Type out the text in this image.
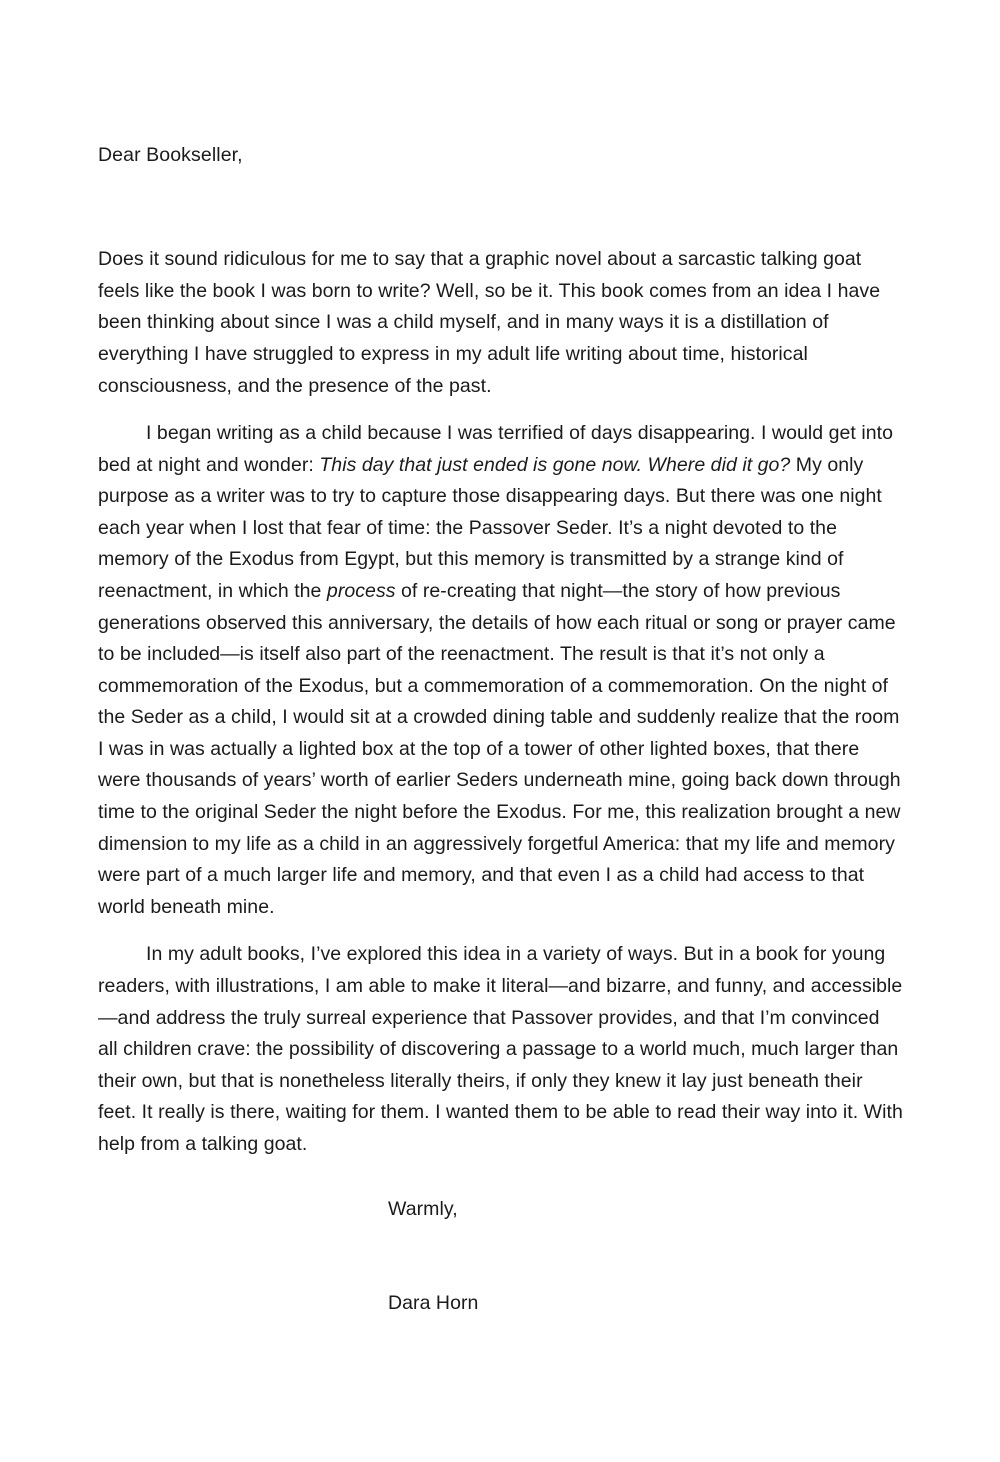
Dear Bookseller,

Does it sound ridiculous for me to say that a graphic novel about a sarcastic talking goat feels like the book I was born to write? Well, so be it. This book comes from an idea I have been thinking about since I was a child myself, and in many ways it is a distillation of everything I have struggled to express in my adult life writing about time, historical consciousness, and the presence of the past.

I began writing as a child because I was terrified of days disappearing. I would get into bed at night and wonder: This day that just ended is gone now. Where did it go? My only purpose as a writer was to try to capture those disappearing days. But there was one night each year when I lost that fear of time: the Passover Seder. It’s a night devoted to the memory of the Exodus from Egypt, but this memory is transmitted by a strange kind of reenactment, in which the process of re-creating that night—the story of how previous generations observed this anniversary, the details of how each ritual or song or prayer came to be included—is itself also part of the reenactment. The result is that it’s not only a commemoration of the Exodus, but a commemoration of a commemoration. On the night of the Seder as a child, I would sit at a crowded dining table and suddenly realize that the room I was in was actually a lighted box at the top of a tower of other lighted boxes, that there were thousands of years’ worth of earlier Seders underneath mine, going back down through time to the original Seder the night before the Exodus. For me, this realization brought a new dimension to my life as a child in an aggressively forgetful America: that my life and memory were part of a much larger life and memory, and that even I as a child had access to that world beneath mine.

In my adult books, I’ve explored this idea in a variety of ways. But in a book for young readers, with illustrations, I am able to make it literal—and bizarre, and funny, and accessible—and address the truly surreal experience that Passover provides, and that I’m convinced all children crave: the possibility of discovering a passage to a world much, much larger than their own, but that is nonetheless literally theirs, if only they knew it lay just beneath their feet. It really is there, waiting for them. I wanted them to be able to read their way into it. With help from a talking goat.

Warmly,

Dara Horn
